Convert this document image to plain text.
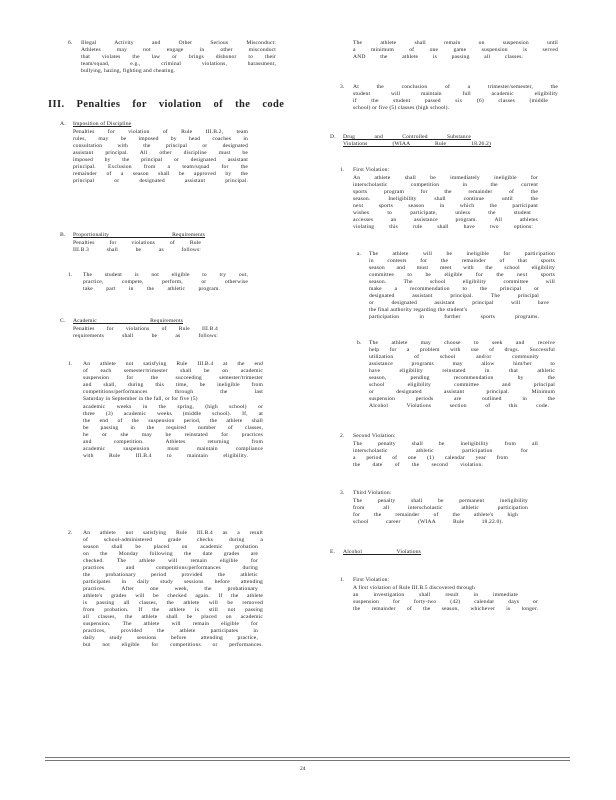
6. Illegal Activity and Other Serious Misconduct:
Athletes may not engage in other misconduct
that violates the law or brings dishonor to their
team/squad, e.g., criminal violations, harassment,
bullying, hazing, fighting and cheating.
A. Imposition of Discipline
Penalties for violation of Rule III.B.2, team
rules, may be imposed by head coaches in
consultation with the principal or designated
assistant principal. All other discipline must be
imposed by the principal or designated assistant
principal. Exclusion from a team/squad for the
remainder of a season shall be approved by the
principal or designated assistant principal.
B. Proportionality Requirements
Penalties for violations of Rule
III.B.3 shall be as follows:
1. The student is not eligible to try out,
practice, compete, perform, or otherwise
take part in the athletic program.
C. Academic Requirements
Penalties for violations of Rule III.B.4
requirements shall be as follows:
1. An athlete not satisfying Rule III.B.4 at the end
of each semester/trimester shall be on academic
suspension for the succeeding semester/trimester
and shall, during this time, be ineligible from
competitions/performances through the last
Saturday in September in the fall, or for five (5)
academic weeks in the spring, (high school) or
three (3) academic weeks (middle school). If, at
the end of the suspension period, the athlete shall
be passing in the required number of classes,
he or she may be reinstated for practices
and competition. Athletes returning from
academic suspension must maintain compliance
with Rule III.B.4 to maintain eligibility.
2. An athlete not satisfying Rule III.B.4 as a result
of school-administered grade checks during a
season shall be placed on academic probation
on the Monday following the date grades are
checked. The athlete will remain eligible for
practices and competitions/performances during
the probationary period provided the athletic
participates in daily study sessions before attending
practices. After one week, the probationary
athlete's grades will be checked again. If the athlete
is passing all classes, the athlete will be removed
from probation. If the athlete is still not passing
all classes, the athlete shall be placed on academic
suspension. The athlete will remain eligible for
practices, provided the athlete participates in
daily study sessions before attending practice,
but not eligible for competitions or performances.
III. Penalties for violation of the code
The athlete shall remain on suspension until
a minimum of one game suspension is served
AND the athlete is passing all classes.
3. At the conclusion of a trimester/semester, the
student will maintain full academic eligibility
if the student passed six (6) classes (middle
school) or five (5) classes (high school).
D. Drug and Controlled Substance
Violations (WIAA Rule 18.26.2)
1. First Violation:
An athlete shall be immediately ineligible for
interscholastic competition in the current
sports program for the remainder of the
season. Ineligibility shall continue until the
next sports season in which the participant
wishes to participate, unless the student
accesses an assistance program. All athletes
violating this rule shall have two options:
a. The athlete will be ineligible for participation
in contests for the remainder of that sports
season and must meet with the school eligibility
committee to be eligible for the next sports
season. The school eligibility committee will
make a recommendation to the principal or
designated assistant principal. The principal
or designated assistant principal will have
the final authority regarding the student's
participation in further sports programs.
b. The athlete may choose to seek and receive
help for a problem with use of drugs. Successful
utilization of school and/or community
assistance programs may allow him/her to
have eligibility reinstated in that athletic
season, pending recommendation by the
school eligibility committee and principal
or designated assistant principal. Minimum
suspension periods are outlined in the
Alcohol Violations section of this code.
2. Second Violation:
The penalty shall be ineligibility from all
interscholastic athletic participation for
a period of one (1) calendar year from
the date of the second violation.
3. Third Violation:
The penalty shall be permanent ineligibility
from all interscholastic athletic participation
for the remainder of the athlete's high
school career (WIAA Rule 18.22.0).
E. Alcohol Violations
1. First Violation:
A first violation of Rule III.B.5 discovered through
an investigation shall result in immediate
suspension for forty-two (42) calendar days or
the remainder of the season, whichever is longer.
24
